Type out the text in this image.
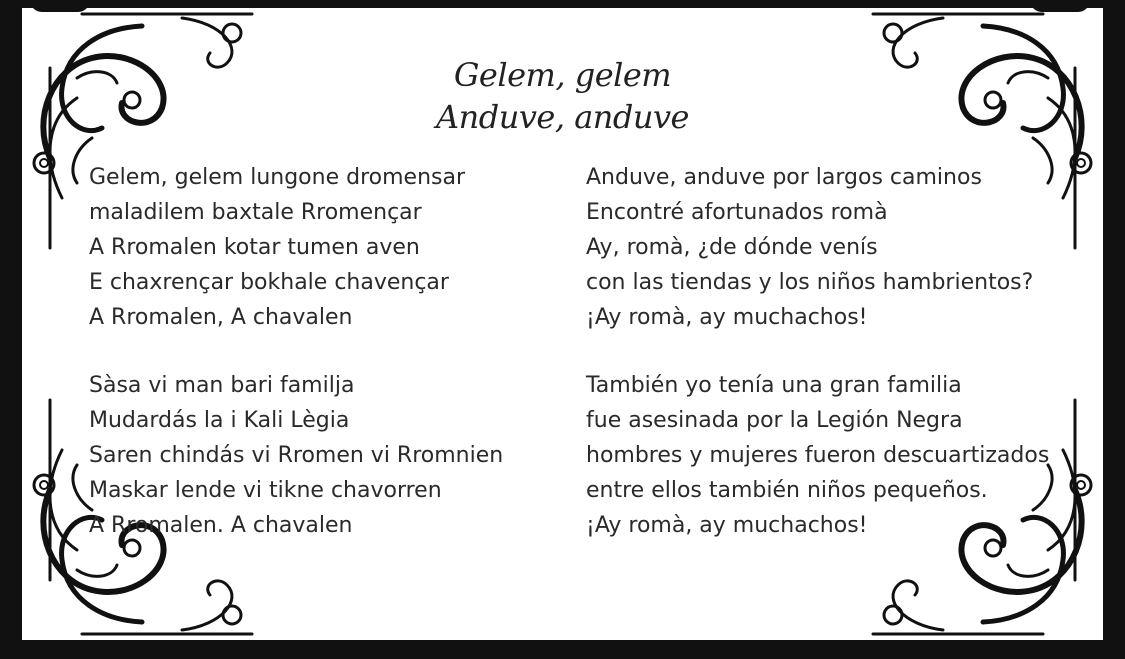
Gelem, gelem
Anduve, anduve
Gelem, gelem lungone dromensar
maladilem baxtale Rromençar
A Rromalen kotar tumen aven
E chaxrençar bokhale chavençar
A Rromalen, A chavalen
Anduve, anduve por largos caminos
Encontré afortunados romà
Ay, romà, ¿de dónde venís
con las tiendas y los niños hambrientos?
¡Ay romà, ay muchachos!
Sàsa vi man bari familja
Mudardás la i Kali Lègia
Saren chindás vi Rromen vi Rromnien
Maskar lende vi tikne chavorren
A Rromalen. A chavalen
También yo tenía una gran familia
fue asesinada por la Legión Negra
hombres y mujeres fueron descuartizados
entre ellos también niños pequeños.
¡Ay romà, ay muchachos!
